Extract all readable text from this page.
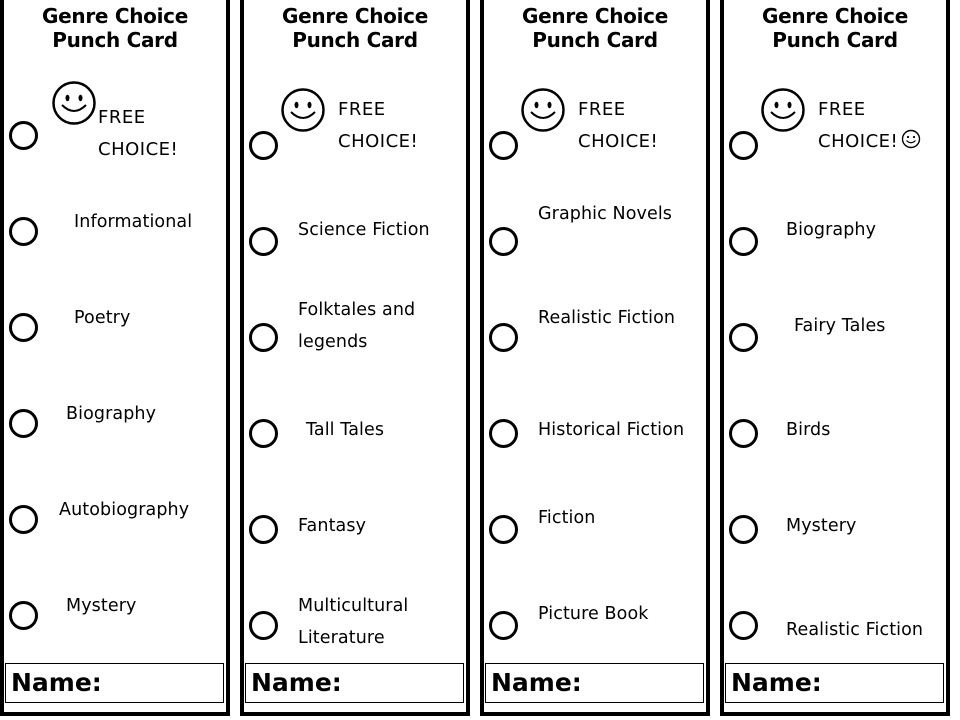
Genre Choice
Punch Card
FREE
CHOICE!
Informational
Poetry
Biography
Autobiography
Mystery
Name:
Genre Choice
Punch Card
FREE
CHOICE!
Science Fiction
Folktales and
legends
Tall Tales
Fantasy
Multicultural
Literature
Name:
Genre Choice
Punch Card
FREE
CHOICE!
Graphic Novels
Realistic Fiction
Historical Fiction
Fiction
Picture Book
Name:
Genre Choice
Punch Card
FREE
CHOICE!
Biography
Fairy Tales
Birds
Mystery
Realistic Fiction
Name:
